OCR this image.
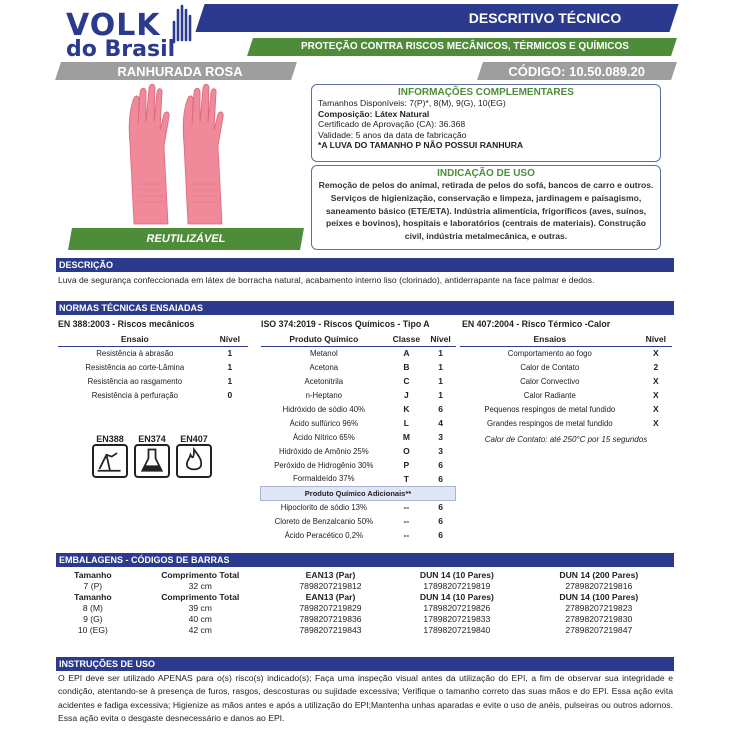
VOLK
do Brasil
DESCRITIVO TÉCNICO
PROTEÇÃO CONTRA RISCOS MECÂNICOS, TÉRMICOS E QUÍMICOS
RANHURADA ROSA	CÓDIGO: 10.50.089.20
REUTILIZÁVEL
INFORMAÇÕES COMPLEMENTARES
Tamanhos Disponíveis: 7(P)*, 8(M), 9(G), 10(EG)
Composição: Látex Natural
Certificado de Aprovação (CA): 36.368
Validade: 5 anos da data de fabricação
*A LUVA DO TAMANHO P NÃO POSSUI RANHURA
INDICAÇÃO DE USO
Remoção de pelos do animal, retirada de pelos do sofá, bancos de carro e outros. Serviços de higienização, conservação e limpeza, jardinagem e paisagismo, saneamento básico (ETE/ETA). Indústria alimentícia, frigoríficos (aves, suínos, peixes e bovinos), hospitais e laboratórios (centrais de materiais). Construção civil, indústria metalmecânica, e outras.
DESCRIÇÃO
Luva de segurança confeccionada em látex de borracha natural, acabamento interno liso (clorinado), antiderrapante na face palmar e dedos.
NORMAS TÉCNICAS ENSAIADAS
EN 388:2003 - Riscos mecânicos
Ensaio	Nível
Resistência à abrasão	1
Resistência ao corte-Lâmina	1
Resistência ao rasgamento	1
Resistência à perfuração	0
ISO 374:2019 - Riscos Químicos - Tipo A
Produto Químico	Classe	Nível
Metanol	A	1
Acetona	B	1
Acetonitrila	C	1
n-Heptano	J	1
Hidróxido de sódio 40%	K	6
Ácido sulfúrico 96%	L	4
Ácido Nítrico 65%	M	3
Hidróxido de Amônio 25%	O	3
Peróxido de Hidrogênio 30%	P	6
Formaldeído 37%	T	6
Produto Químico Adicionais**		
Hipoclorito de sódio 13%	--	6
Cloreto de Benzalcanio 50%	--	6
Ácido Peracético 0,2%	--	6
EN 407:2004 - Risco Térmico -Calor
Ensaios	Nível
Comportamento ao fogo	X
Calor de Contato	2
Calor Convectivo	X
Calor Radiante	X
Pequenos respingos de metal fundido	X
Grandes respingos de metal fundido	X
Calor de Contato: até 250°C por 15 segundos
EN388	EN374	EN407
EMBALAGENS - CÓDIGOS DE BARRAS
Tamanho	Comprimento Total	EAN13 (Par)	DUN 14 (10 Pares)	DUN 14 (200 Pares)
7 (P)	32 cm	7898207219812	17898207219819	27898207219816
Tamanho	Comprimento Total	EAN13 (Par)	DUN 14 (10 Pares)	DUN 14 (100 Pares)
8 (M)	39 cm	7898207219829	17898207219826	27898207219823
9 (G)	40 cm	7898207219836	17898207219833	27898207219830
10 (EG)	42 cm	7898207219843	17898207219840	27898207219847
INSTRUÇÕES DE USO
O EPI deve ser utilizado APENAS para o(s) risco(s) indicado(s); Faça uma inspeção visual antes da utilização do EPI, a fim de observar sua integridade e condição, atentando-se à presença de furos, rasgos, descosturas ou sujidade excessiva; Verifique o tamanho correto das suas mãos e do EPI. Essa ação evita acidentes e fadiga excessiva; Higienize as mãos antes e após a utilização do EPI;Mantenha unhas aparadas e evite o uso de anéis, pulseiras ou outros adornos. Essa ação evita o desgaste desnecessário e danos ao EPI.
